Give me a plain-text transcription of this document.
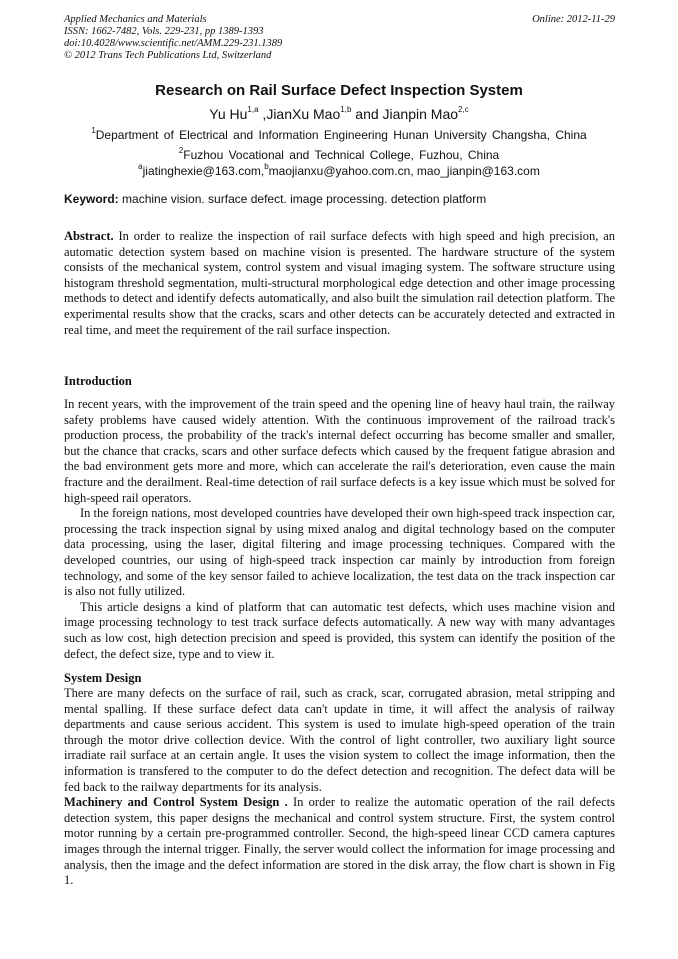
Applied Mechanics and Materials
ISSN: 1662-7482, Vols. 229-231, pp 1389-1393
doi:10.4028/www.scientific.net/AMM.229-231.1389
© 2012 Trans Tech Publications Ltd, Switzerland
Online: 2012-11-29
Research on Rail Surface Defect Inspection System
Yu Hu$^{1,a}$ ,JianXu Mao$^{1,b}$ and Jianpin Mao$^{2,c}$
$^1$Department of Electrical and Information Engineering Hunan University Changsha, China
$^2$Fuzhou Vocational and Technical College, Fuzhou, China
$^a$jiatinghexie@163.com,$^b$maojianxu@yahoo.com.cn, mao_jianpin@163.com
Keyword: machine vision. surface defect. image processing. detection platform

Abstract. In order to realize the inspection of rail surface defects with high speed and high precision, an automatic detection system based on machine vision is presented. The hardware structure of the system consists of the mechanical system, control system and visual imaging system. The software structure using histogram threshold segmentation, multi-structural morphological edge detection and other image processing methods to detect and identify defects automatically, and also built the simulation rail detection platform. The experimental results show that the cracks, scars and other detects can be accurately detected and extracted in real time, and meet the requirement of the rail surface inspection.

Introduction

In recent years, with the improvement of the train speed and the opening line of heavy haul train, the railway safety problems have caused widely attention. With the continuous improvement of the railroad track's production process, the probability of the track's internal defect occurring has become smaller and smaller, but the chance that cracks, scars and other surface defects which caused by the frequent fatigue abrasion and the bad environment gets more and more, which can accelerate the rail's deterioration, even cause the main fracture and the derailment. Real-time detection of rail surface defects is a key issue which must be solved for high-speed rail operators.

In the foreign nations, most developed countries have developed their own high-speed track inspection car, processing the track inspection signal by using mixed analog and digital technology based on the computer data processing, using the laser, digital filtering and image processing techniques. Compared with the developed countries, our using of high-speed track inspection car mainly by introduction from foreign technology, and some of the key sensor failed to achieve localization, the test data on the track inspection car is also not fully utilized.

This article designs a kind of platform that can automatic test defects, which uses machine vision and image processing technology to test track surface defects automatically. A new way with many advantages such as low cost, high detection precision and speed is provided, this system can identify the position of the defect, the defect size, type and to view it.

System Design

There are many defects on the surface of rail, such as crack, scar, corrugated abrasion, metal stripping and mental spalling. If these surface defect data can't update in time, it will affect the analysis of railway departments and cause serious accident. This system is used to imulate high-speed operation of the train through the motor drive collection device. With the control of light controller, two auxiliary light source irradiate rail surface at an certain angle. It uses the vision system to collect the image information, then the information is transfered to the computer to do the defect detection and recognition. The defect data will be fed back to the railway departments for its analysis.

Machinery and Control System Design . In order to realize the automatic operation of the rail defects detection system, this paper designs the mechanical and control system structure. First, the system control motor running by a certain pre-programmed controller. Second, the high-speed linear CCD camera captures images through the internal trigger. Finally, the server would collect the information for image processing and analysis, then the image and the defect information are stored in the disk array, the flow chart is shown in Fig 1.
